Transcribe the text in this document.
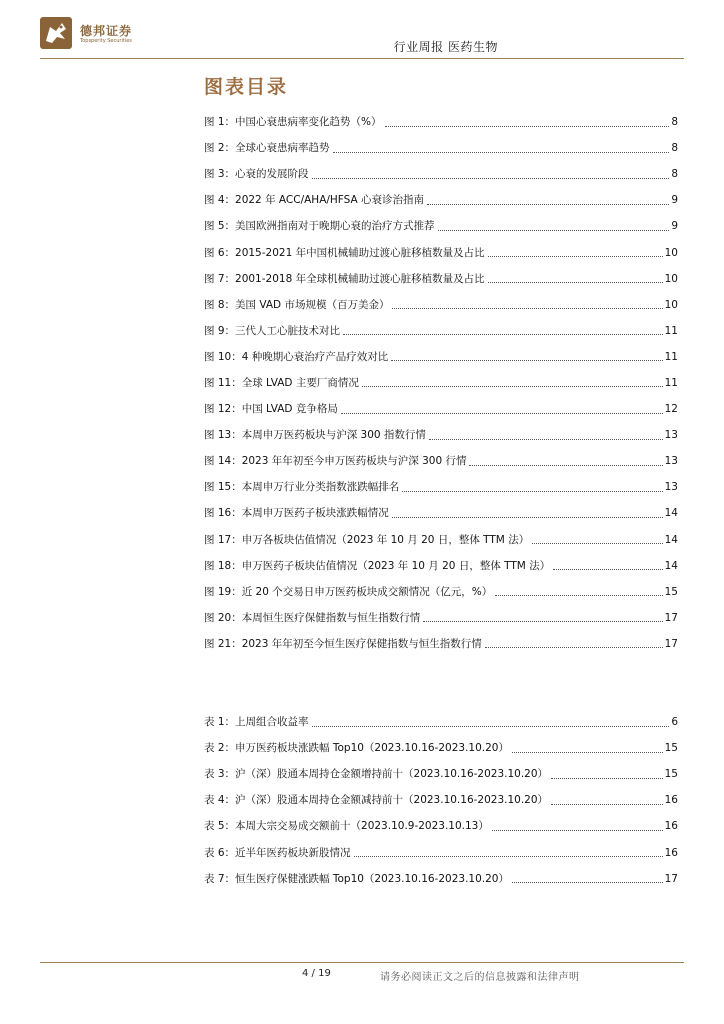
德邦证券
Topsperity Securities	行业周报 医药生物
图表目录
图 1：中国心衰患病率变化趋势（%）	8
图 2：全球心衰患病率趋势	8
图 3：心衰的发展阶段	8
图 4：2022 年 ACC/AHA/HFSA 心衰诊治指南	9
图 5：美国欧洲指南对于晚期心衰的治疗方式推荐	9
图 6：2015-2021 年中国机械辅助过渡心脏移植数量及占比	10
图 7：2001-2018 年全球机械辅助过渡心脏移植数量及占比	10
图 8：美国 VAD 市场规模（百万美金）	10
图 9：三代人工心脏技术对比	11
图 10：4 种晚期心衰治疗产品疗效对比	11
图 11：全球 LVAD 主要厂商情况	11
图 12：中国 LVAD 竞争格局	12
图 13：本周申万医药板块与沪深 300 指数行情	13
图 14：2023 年年初至今申万医药板块与沪深 300 行情	13
图 15：本周申万行业分类指数涨跌幅排名	13
图 16：本周申万医药子板块涨跌幅情况	14
图 17：申万各板块估值情况（2023 年 10 月 20 日，整体 TTM 法）	14
图 18：申万医药子板块估值情况（2023 年 10 月 20 日，整体 TTM 法）	14
图 19：近 20 个交易日申万医药板块成交额情况（亿元，%）	15
图 20：本周恒生医疗保健指数与恒生指数行情	17
图 21：2023 年年初至今恒生医疗保健指数与恒生指数行情	17
表 1：上周组合收益率	6
表 2：申万医药板块涨跌幅 Top10（2023.10.16-2023.10.20）	15
表 3：沪（深）股通本周持仓金额增持前十（2023.10.16-2023.10.20）	15
表 4：沪（深）股通本周持仓金额减持前十（2023.10.16-2023.10.20）	16
表 5：本周大宗交易成交额前十（2023.10.9-2023.10.13）	16
表 6：近半年医药板块新股情况	16
表 7：恒生医疗保健涨跌幅 Top10（2023.10.16-2023.10.20）	17
4 / 19	请务必阅读正文之后的信息披露和法律声明
